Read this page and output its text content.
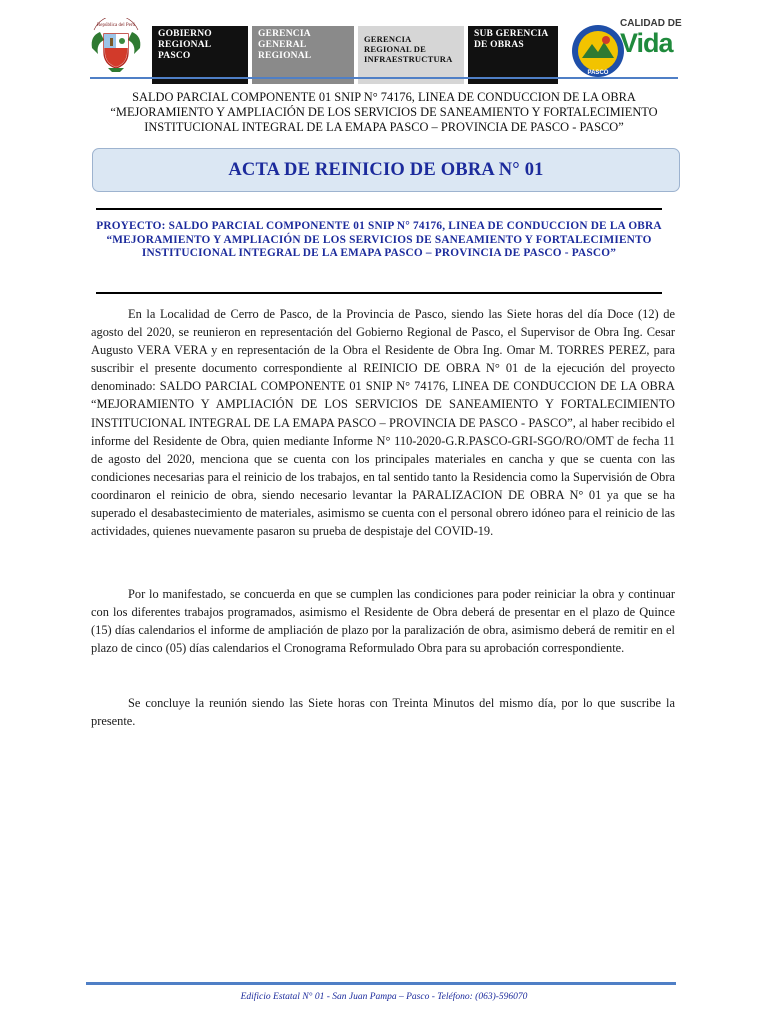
República del Perú
GOBIERNO REGIONAL PASCO
GERENCIA GENERAL REGIONAL
GERENCIA REGIONAL DE INFRAESTRUCTURA
SUB GERENCIA DE OBRAS
PASCO
CALIDAD DE
Vida
SALDO PARCIAL COMPONENTE 01 SNIP N° 74176, LINEA DE CONDUCCION DE LA OBRA “MEJORAMIENTO Y AMPLIACIÓN DE LOS SERVICIOS DE SANEAMIENTO Y FORTALECIMIENTO INSTITUCIONAL INTEGRAL DE LA EMAPA PASCO – PROVINCIA DE PASCO - PASCO”
ACTA DE REINICIO DE OBRA N° 01
PROYECTO: SALDO PARCIAL COMPONENTE 01 SNIP N° 74176, LINEA DE CONDUCCION DE LA OBRA “MEJORAMIENTO Y AMPLIACIÓN DE LOS SERVICIOS DE SANEAMIENTO Y FORTALECIMIENTO INSTITUCIONAL INTEGRAL DE LA EMAPA PASCO – PROVINCIA DE PASCO - PASCO”

En la Localidad de Cerro de Pasco, de la Provincia de Pasco, siendo las Siete horas del día Doce (12) de agosto del 2020, se reunieron en representación del Gobierno Regional de Pasco, el Supervisor de Obra Ing. Cesar Augusto VERA VERA y en representación de la Obra el Residente de Obra Ing. Omar M. TORRES PEREZ, para suscribir el presente documento correspondiente al REINICIO DE OBRA N° 01 de la ejecución del proyecto denominado: SALDO PARCIAL COMPONENTE 01 SNIP N° 74176, LINEA DE CONDUCCION DE LA OBRA “MEJORAMIENTO Y AMPLIACIÓN DE LOS SERVICIOS DE SANEAMIENTO Y FORTALECIMIENTO INSTITUCIONAL INTEGRAL DE LA EMAPA PASCO – PROVINCIA DE PASCO - PASCO”, al haber recibido el informe del Residente de Obra, quien mediante Informe N° 110-2020-G.R.PASCO-GRI-SGO/RO/OMT de fecha 11 de agosto del 2020, menciona que se cuenta con los principales materiales en cancha y que se cuenta con las condiciones necesarias para el reinicio de los trabajos, en tal sentido tanto la Residencia como la Supervisión de Obra coordinaron el reinicio de obra, siendo necesario levantar la PARALIZACION DE OBRA N° 01 ya que se ha superado el desabastecimiento de materiales, asimismo se cuenta con el personal obrero idóneo para el reinicio de las actividades, quienes nuevamente pasaron su prueba de despistaje del COVID-19.

Por lo manifestado, se concuerda en que se cumplen las condiciones para poder reiniciar la obra y continuar con los diferentes trabajos programados, asimismo el Residente de Obra deberá de presentar en el plazo de Quince (15) días calendarios el informe de ampliación de plazo por la paralización de obra, asimismo deberá de remitir en el plazo de cinco (05) días calendarios el Cronograma Reformulado Obra para su aprobación correspondiente.

Se concluye la reunión siendo las Siete horas con Treinta Minutos del mismo día, por lo que suscribe la presente.

Edificio Estatal N° 01 - San Juan Pampa – Pasco - Teléfono: (063)-596070
